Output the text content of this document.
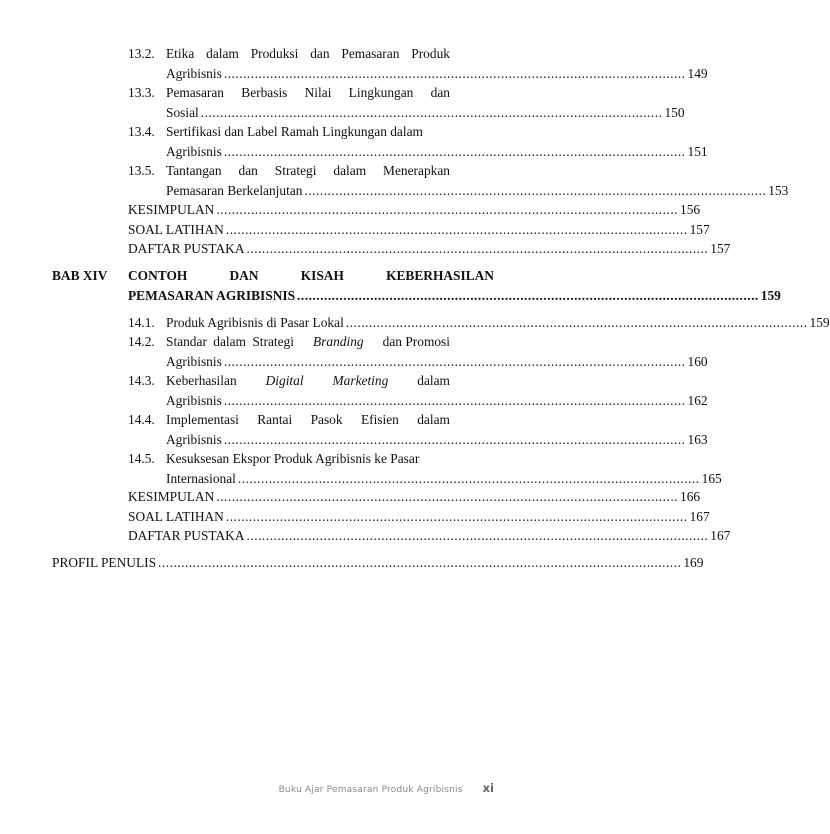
13.2. Etika dalam Produksi dan Pemasaran Produk
Agribisnis ........................................................................................................................ 149
13.3. Pemasaran Berbasis Nilai Lingkungan dan
Sosial ........................................................................................................................ 150
13.4. Sertifikasi dan Label Ramah Lingkungan dalam
Agribisnis ........................................................................................................................ 151
13.5. Tantangan dan Strategi dalam Menerapkan
Pemasaran Berkelanjutan ........................................................................................................................ 153
KESIMPULAN ........................................................................................................................ 156
SOAL LATIHAN ........................................................................................................................ 157
DAFTAR PUSTAKA ........................................................................................................................ 157
BAB XIV CONTOH	DAN	KISAH	KEBERHASILAN
PEMASARAN AGRIBISNIS ........................................................................................................................ 159
14.1. Produk Agribisnis di Pasar Lokal ........................................................................................................................ 159
14.2. Standar dalam Strategi Branding dan Promosi
Agribisnis ........................................................................................................................ 160
14.3. Keberhasilan Digital Marketing dalam
Agribisnis ........................................................................................................................ 162
14.4. Implementasi Rantai Pasok Efisien dalam
Agribisnis ........................................................................................................................ 163
14.5. Kesuksesan Ekspor Produk Agribisnis ke Pasar
Internasional ........................................................................................................................ 165
KESIMPULAN ........................................................................................................................ 166
SOAL LATIHAN ........................................................................................................................ 167
DAFTAR PUSTAKA ........................................................................................................................ 167
PROFIL PENULIS ........................................................................................................................................ 169
Buku Ajar Pemasaran Produk Agribisnis xi
